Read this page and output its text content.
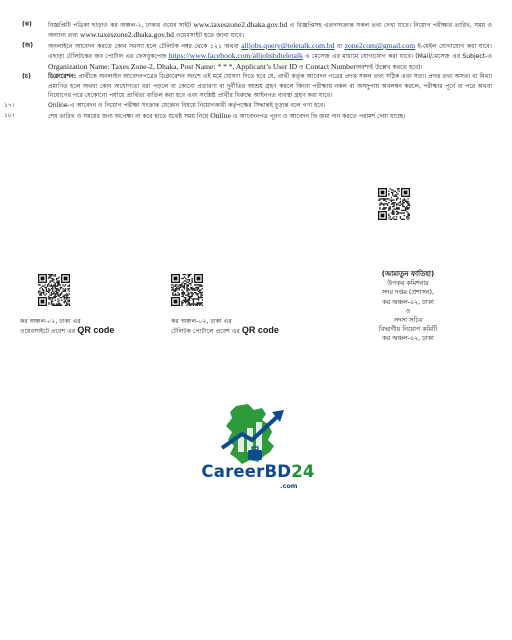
(ক)	বিজ্ঞপ্তিটি পত্রিকা ছাড়াও কর অঞ্চল-২, ঢাকার ওয়েব সাইট www.taxeszone2.dhaka.gov.bd এ বিজ্ঞপ্তিসহ এতদসংক্রান্ত সকল তথ্য দেখা যাবে। নিয়োগ পরীক্ষার তারিখ, সময় ও অন্যান্য তথ্য www.taxeszone2.dhaka.gov.bd ওয়েবসাইট হতে জানা যাবে।
(জ)	অনলাইনে আবেদন করতে কোন সমস্যা হলে টেলিটক নম্বর থেকে ১২১ অথবা alljobs.query@teletalk.com.bd বা zone2com@gmail.com ই-মেইল যোগাযোগ করা যাবে। এছাড়া টেলিটকের জব পোর্টাল এর ফেসবুকপেজ https://www.facebook.com/alljobsbdteletalk এ মেসেজ এর মাধ্যমে যোগাযোগ করা যাবে। (Mail/মেসেজ এর Subject-এ Organization Name: Taxes Zone-2, Dhaka, Post Name: * * *, Applicant’s User ID ও Contact Numberঅবশ্যই উল্লেখ করতে হবে)।
(চ)	ডিক্লারেশন: প্রার্থীকে অনলাইন আবেদনপত্রের ডিক্লারেশন অংশে এই মর্মে ঘোষণা দিতে হবে যে, প্রার্থী কর্তৃক আবেদন পত্রের প্রদত্ত সকল তথ্য সঠিক এবং সত্য। প্রদত্ত তথ্য অসত্য বা মিথ্যা প্রমাণিত হলে অথবা কোন অযোগ্যতা ধরা পড়লে বা কোনো প্রতারণা বা দুর্নীতির আশ্রয় গ্রহণ করলে কিংবা পরীক্ষায় নকল বা অসদুপায় অবলম্বন করলে, পরীক্ষার পূর্বে বা পরে অথবা নিয়োগের পরে যেকোনো পর্যায়ে প্রার্থিতা বাতিল করা হবে এবং সংশ্লিষ্ট প্রার্থীর বিরুদ্ধে আইনগত ব্যবস্থা গ্রহণ করা যাবে।
১৭।	Online-এ আবেদন ও নিয়োগ পরীক্ষা সংক্রান্ত যেকোন বিষয়ে নিয়োগকারী কর্তৃপক্ষের সিদ্ধান্তই চূড়ান্ত বলে গণ্য হবে।
১৮।	শেষ তারিখ ও সময়ের জন্য অপেক্ষা না করে হাতে যথেষ্ট সময় নিয়ে Online এ আবেদনপত্র পূরণ ও আবেদন ফি জমা দান করতে পরামর্শ দেয়া যাচ্ছে।
কর অঞ্চল-০২, ঢাকা এর
ওয়েবসাইটে প্রবেশ এর QR code
কর অঞ্চল-০২, ঢাকা এর
টেলিটক পোর্টালে প্রবেশ এর QR code
(আমাতুন ফাতিহা)
উপকর কমিশনার
সদর দপ্তর (প্রশাসন),
কর অঞ্চল-০২, ঢাকা
ও
সদস্য সচিব
বিভাগীয় নিয়োগ কমিটি
কর অঞ্চল-০২, ঢাকা
CareerBD24
.com
